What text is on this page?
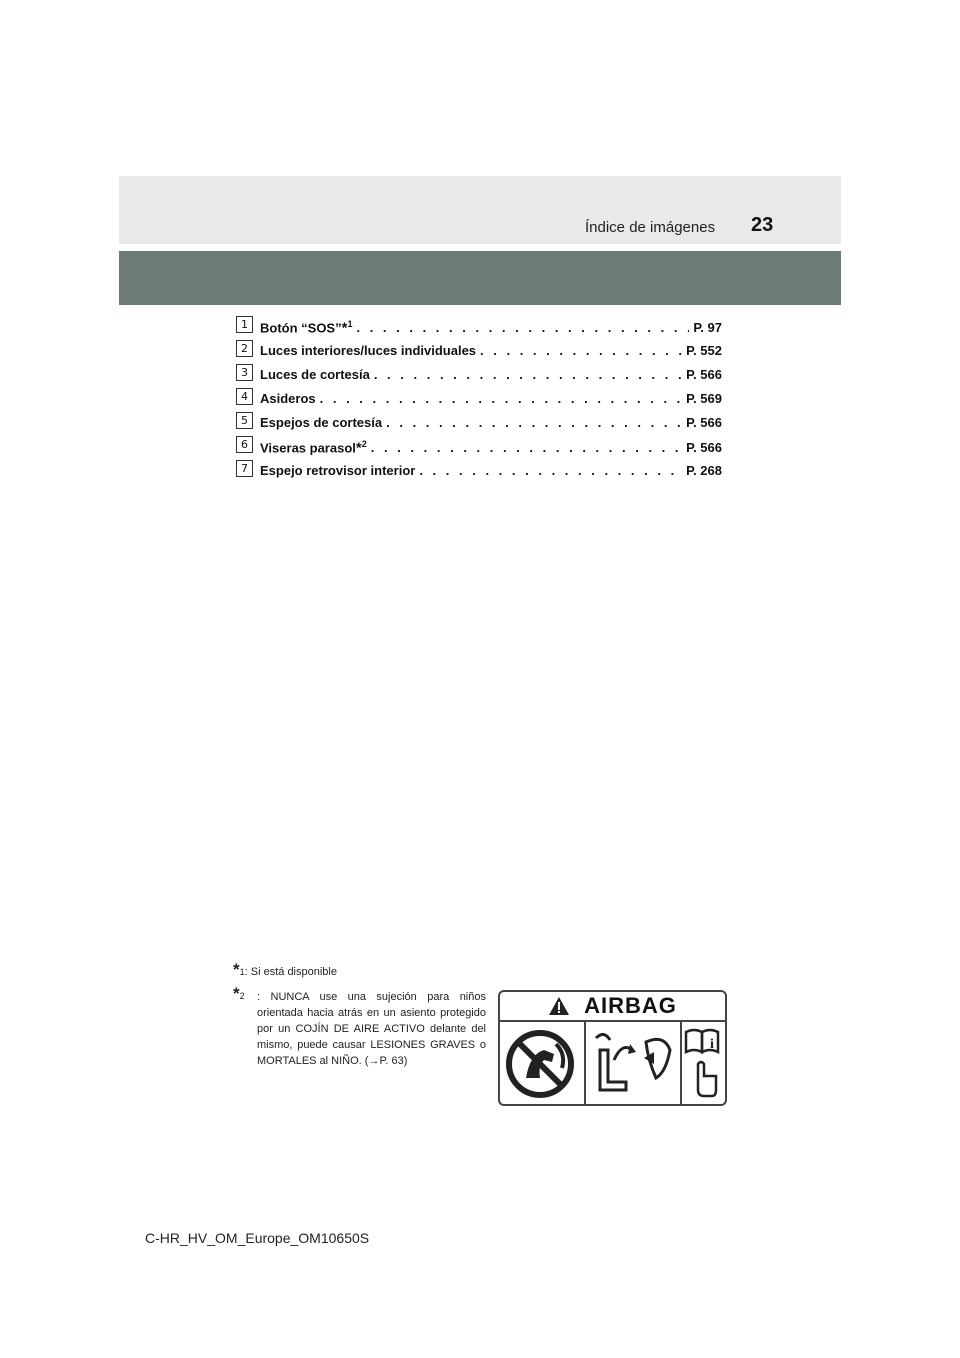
Índice de imágenes 23
1 Botón “SOS”*$^1$ . . .	P. 97
2 Luces interiores/luces individuales . . .	P. 552
3 Luces de cortesía . . .	P. 566
4 Asideros . . .	P. 569
5 Espejos de cortesía . . .	P. 566
6 Viseras parasol*$^2$ . . .	P. 566
7 Espejo retrovisor interior . . .	P. 268
*1: Si está disponible
*2 : NUNCA use una sujeción para niños orientada hacia atrás en un asiento protegido por un COJÍN DE AIRE ACTIVO delante del mismo, puede causar LESIONES GRAVES o MORTALES al NIÑO. (→P. 63)
AIRBAG
i
C-HR_HV_OM_Europe_OM10650S
